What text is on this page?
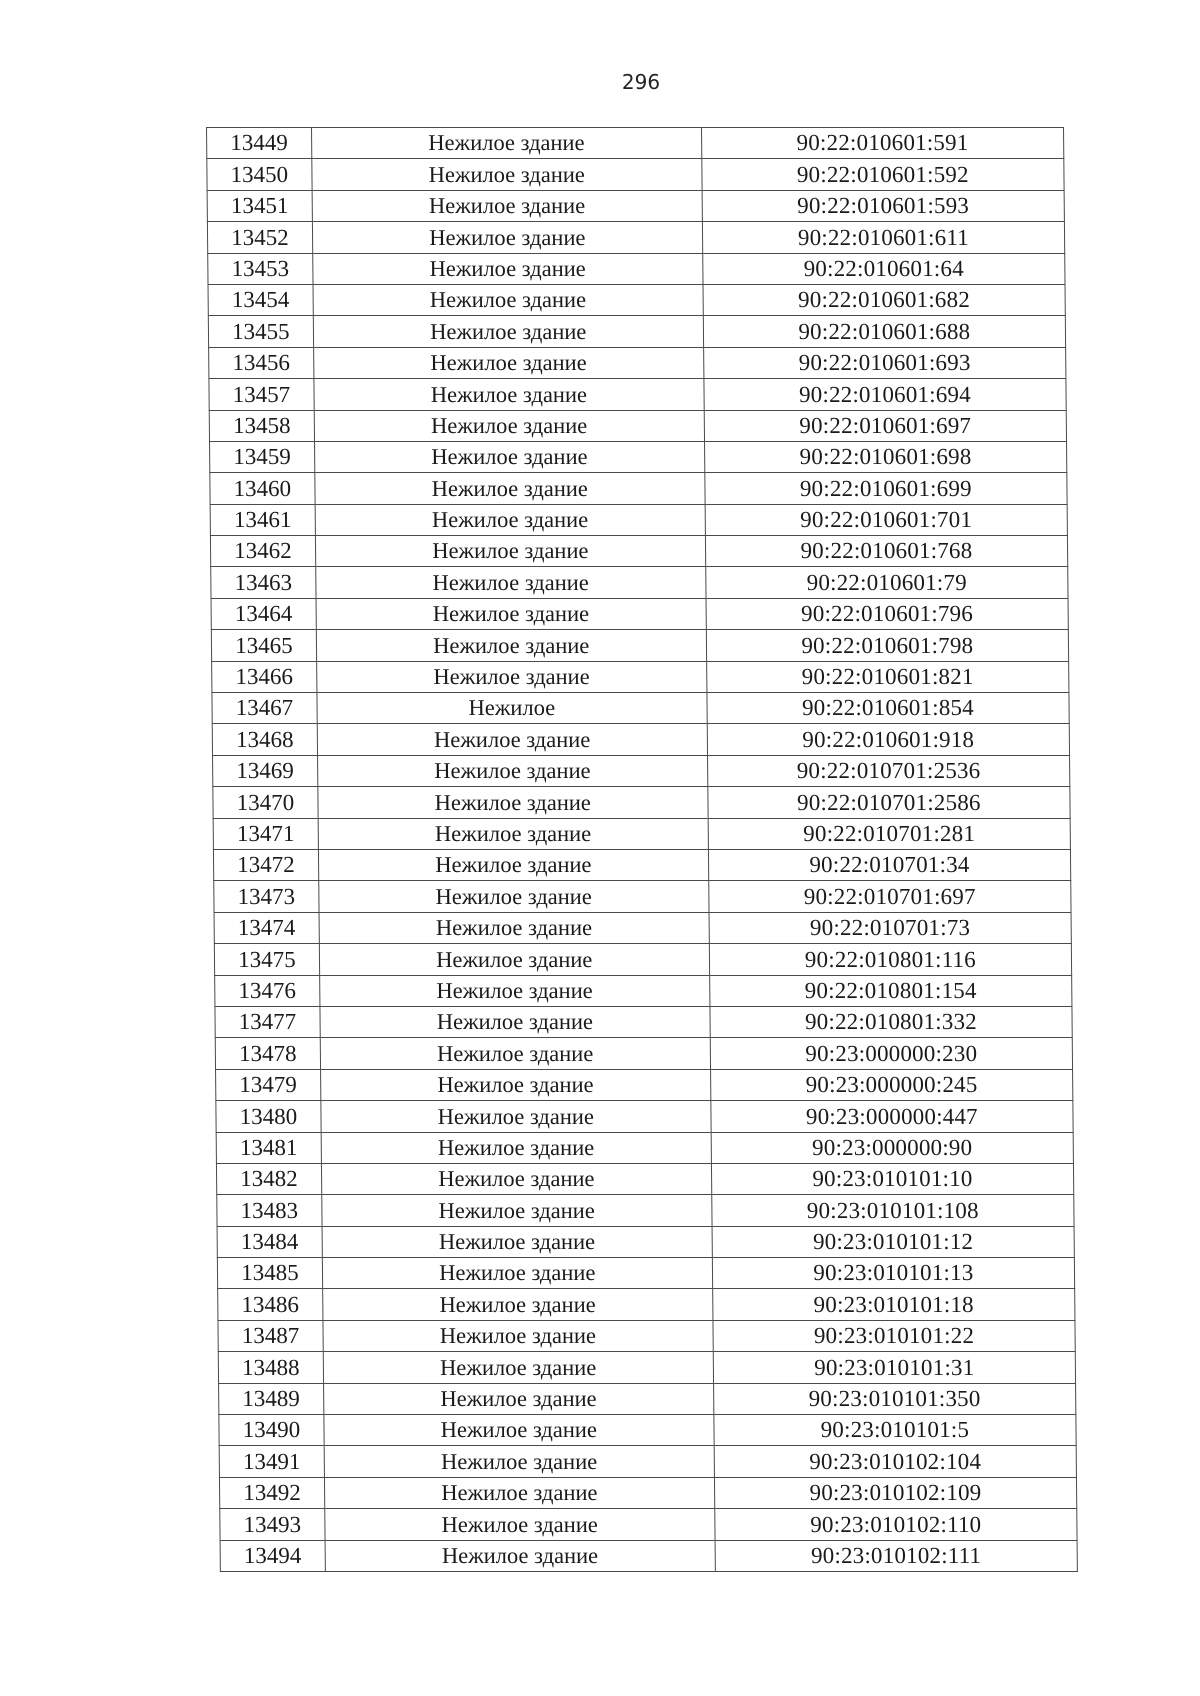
296
13449	Нежилое здание	90:22:010601:591
13450	Нежилое здание	90:22:010601:592
13451	Нежилое здание	90:22:010601:593
13452	Нежилое здание	90:22:010601:611
13453	Нежилое здание	90:22:010601:64
13454	Нежилое здание	90:22:010601:682
13455	Нежилое здание	90:22:010601:688
13456	Нежилое здание	90:22:010601:693
13457	Нежилое здание	90:22:010601:694
13458	Нежилое здание	90:22:010601:697
13459	Нежилое здание	90:22:010601:698
13460	Нежилое здание	90:22:010601:699
13461	Нежилое здание	90:22:010601:701
13462	Нежилое здание	90:22:010601:768
13463	Нежилое здание	90:22:010601:79
13464	Нежилое здание	90:22:010601:796
13465	Нежилое здание	90:22:010601:798
13466	Нежилое здание	90:22:010601:821
13467	Нежилое	90:22:010601:854
13468	Нежилое здание	90:22:010601:918
13469	Нежилое здание	90:22:010701:2536
13470	Нежилое здание	90:22:010701:2586
13471	Нежилое здание	90:22:010701:281
13472	Нежилое здание	90:22:010701:34
13473	Нежилое здание	90:22:010701:697
13474	Нежилое здание	90:22:010701:73
13475	Нежилое здание	90:22:010801:116
13476	Нежилое здание	90:22:010801:154
13477	Нежилое здание	90:22:010801:332
13478	Нежилое здание	90:23:000000:230
13479	Нежилое здание	90:23:000000:245
13480	Нежилое здание	90:23:000000:447
13481	Нежилое здание	90:23:000000:90
13482	Нежилое здание	90:23:010101:10
13483	Нежилое здание	90:23:010101:108
13484	Нежилое здание	90:23:010101:12
13485	Нежилое здание	90:23:010101:13
13486	Нежилое здание	90:23:010101:18
13487	Нежилое здание	90:23:010101:22
13488	Нежилое здание	90:23:010101:31
13489	Нежилое здание	90:23:010101:350
13490	Нежилое здание	90:23:010101:5
13491	Нежилое здание	90:23:010102:104
13492	Нежилое здание	90:23:010102:109
13493	Нежилое здание	90:23:010102:110
13494	Нежилое здание	90:23:010102:111
